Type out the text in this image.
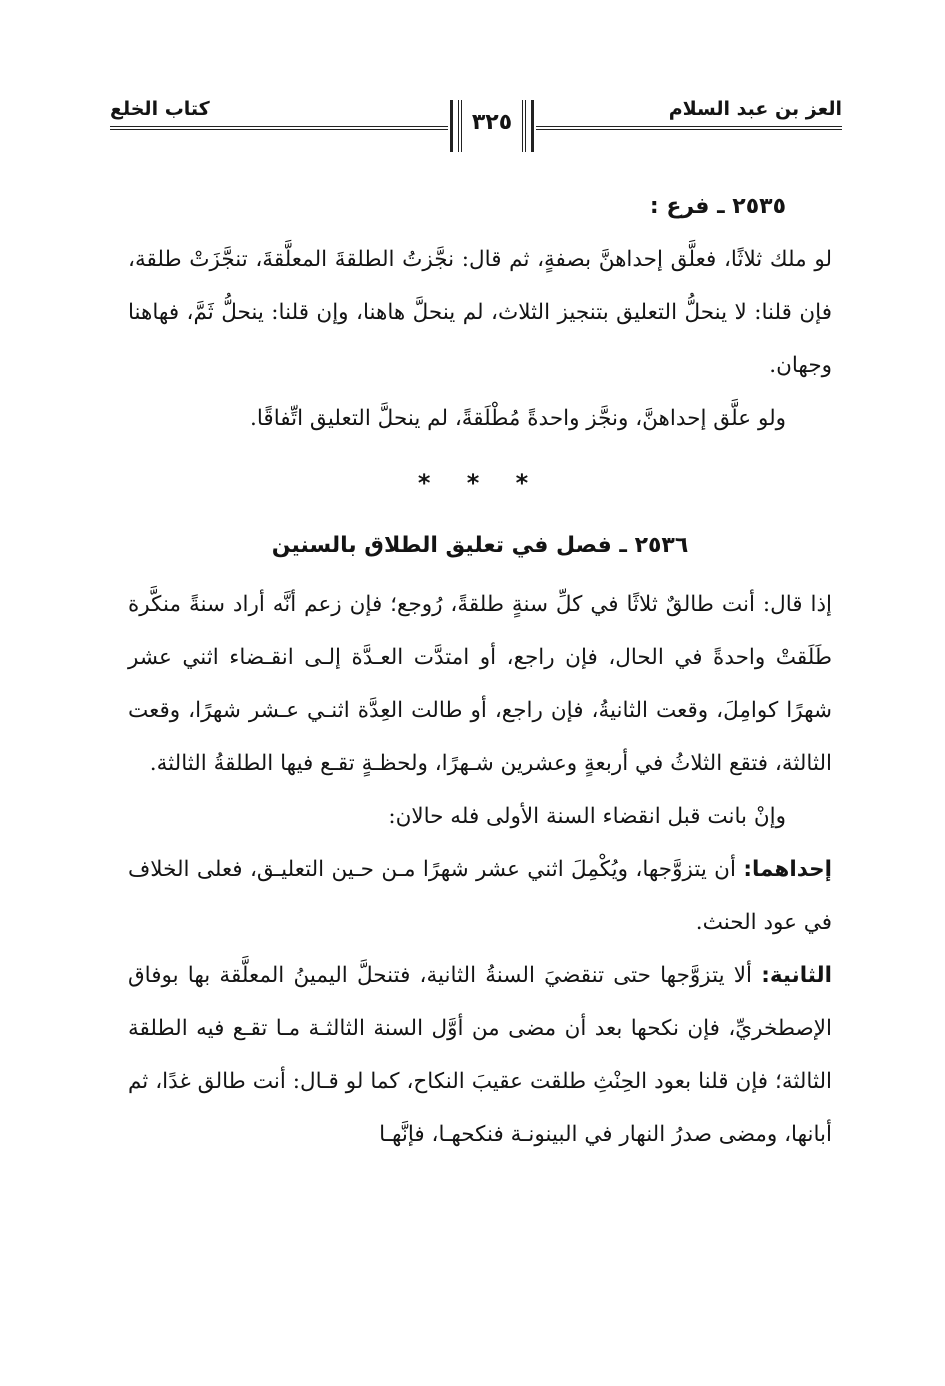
العز بن عبد السلام
٣٢٥
كتاب الخلع
٢٥٣٥ ـ فرع :

لو ملك ثلاثًا، فعلَّق إحداهنَّ بصفةٍ، ثم قال: نجَّزتُ الطلقةَ المعلَّقةَ، تنجَّزَتْ طلقة، فإن قلنا: لا ينحلُّ التعليق بتنجيز الثلاث، لم ينحلَّ هاهنا، وإن قلنا: ينحلُّ ثَمَّ، فهاهنا وجهان.

ولو علَّق إحداهنَّ، ونجَّز واحدةً مُطْلَقةً، لم ينحلَّ التعليق اتِّفاقًا.

* * *
٢٥٣٦ ـ فصل في تعليق الطلاق بالسنين

إذا قال: أنت طالقٌ ثلاثًا في كلِّ سنةٍ طلقةً، رُوجع؛ فإن زعم أنَّه أراد سنةً منكَّرة طَلَقتْ واحدةً في الحال، فإن راجع، أو امتدَّت العـدَّة إلـى انقـضاء اثني عشر شهرًا كوامِلَ، وقعت الثانيةُ، فإن راجع، أو طالت العِدَّة اثنـي عـشر شهرًا، وقعت الثالثة، فتقع الثلاثُ في أربعةٍ وعشرين شـهرًا، ولحظـةٍ تقـع فيها الطلقةُ الثالثة.

وإنْ بانت قبل انقضاء السنة الأولى فله حالان:

إحداهما: أن يتزوَّجها، ويُكْمِلَ اثني عشر شهرًا مـن حـين التعليـق، فعلى الخلاف في عود الحنث.

الثانية: ألا يتزوَّجها حتى تنقضيَ السنةُ الثانية، فتنحلَّ اليمينُ المعلَّقة بها بوفاق الإصطخريِّ، فإن نكحها بعد أن مضى من أوَّل السنة الثالثـة مـا تقـع فيه الطلقة الثالثة؛ فإن قلنا بعود الحِنْثِ طلقت عقيبَ النكاح، كما لو قـال: أنت طالق غدًا، ثم أبانها، ومضى صدرُ النهار في البينونـة فنكحهـا، فإنَّهـا
